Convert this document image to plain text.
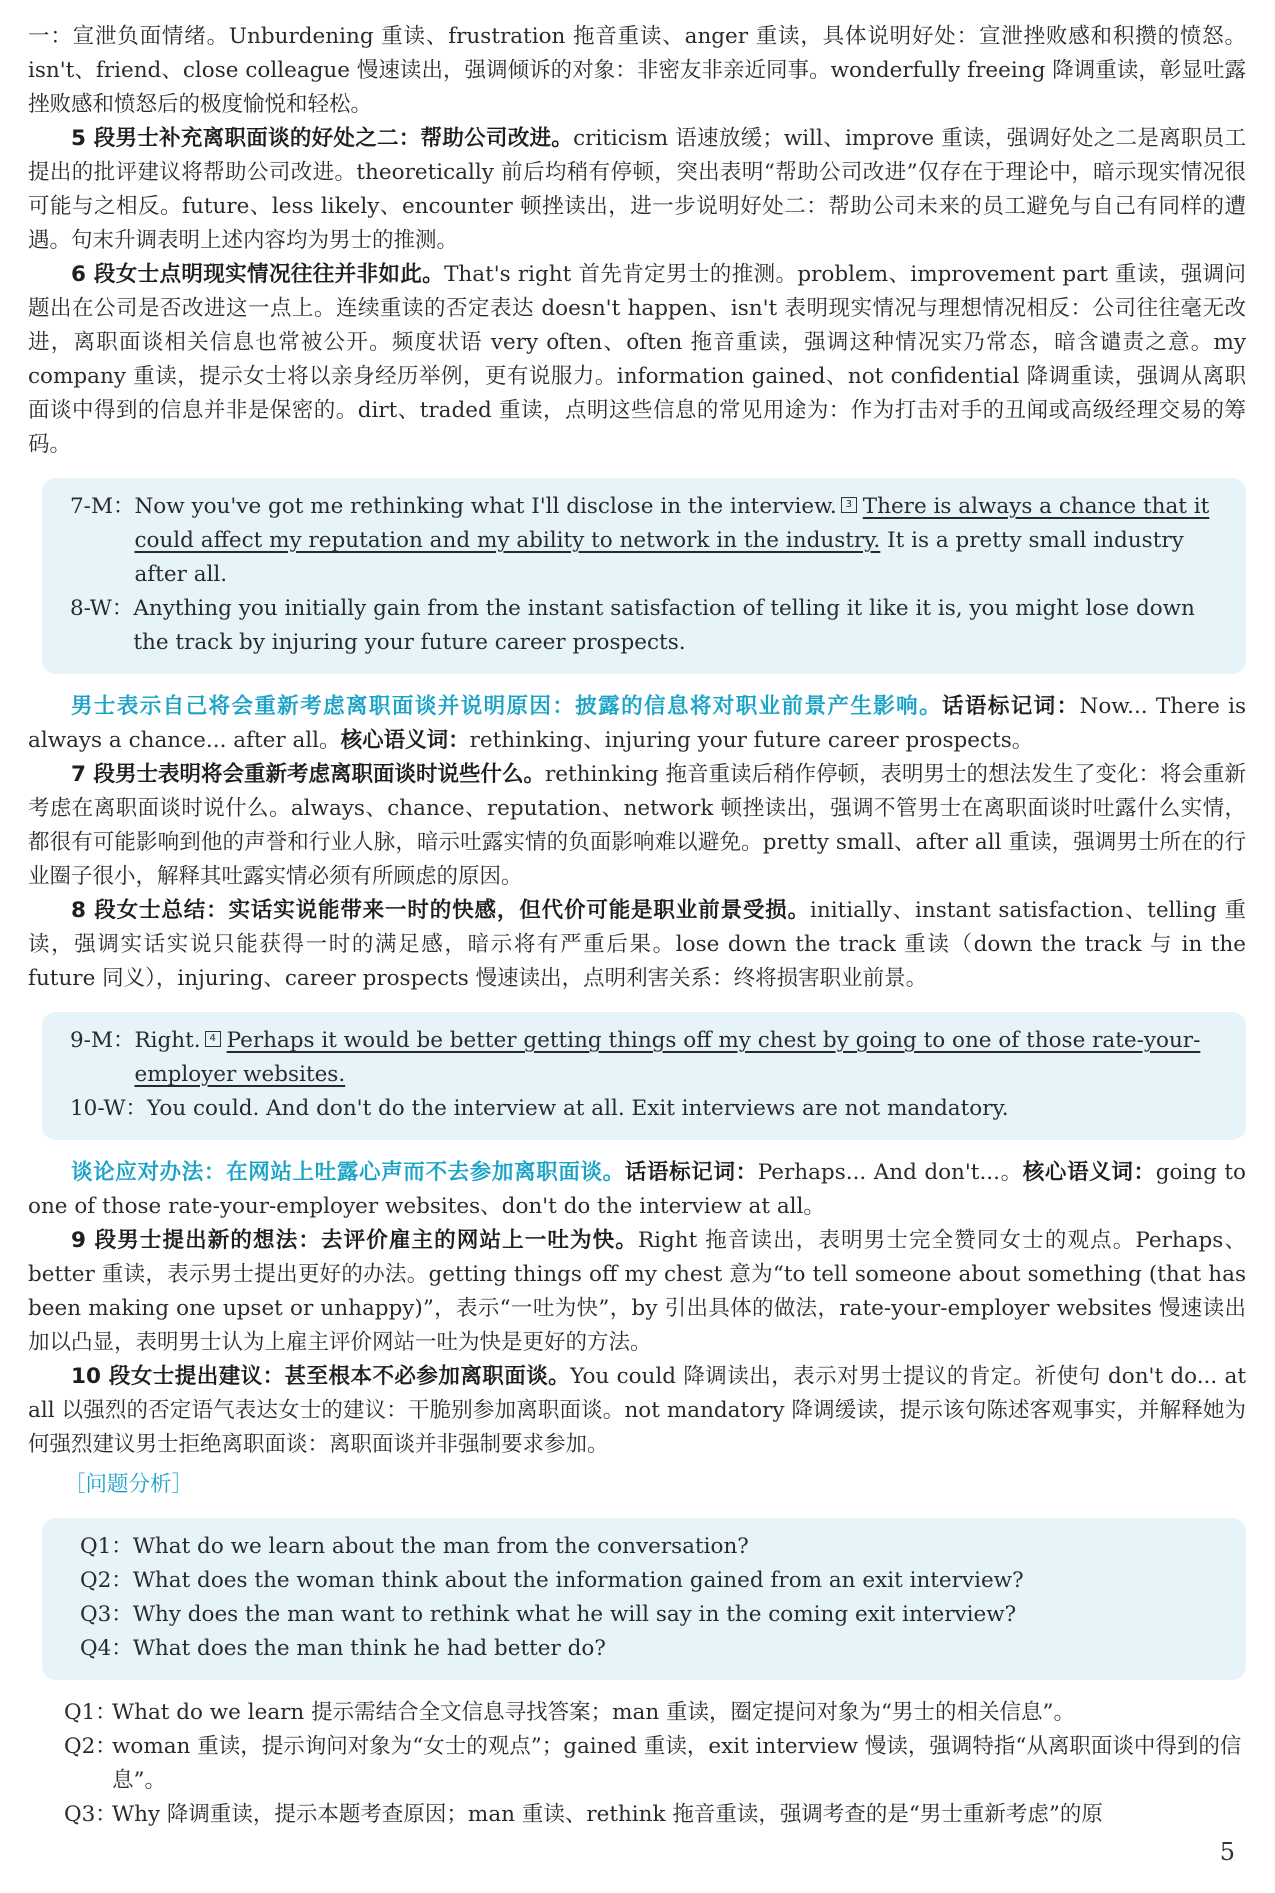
一：宣泄负面情绪。Unburdening 重读、frustration 拖音重读、anger 重读，具体说明好处：宣泄挫败感和积攒的愤怒。isn't、friend、close colleague 慢速读出，强调倾诉的对象：非密友非亲近同事。wonderfully freeing 降调重读，彰显吐露挫败感和愤怒后的极度愉悦和轻松。

5 段男士补充离职面谈的好处之二：帮助公司改进。criticism 语速放缓；will、improve 重读，强调好处之二是离职员工提出的批评建议将帮助公司改进。theoretically 前后均稍有停顿，突出表明“帮助公司改进”仅存在于理论中，暗示现实情况很可能与之相反。future、less likely、encounter 顿挫读出，进一步说明好处二：帮助公司未来的员工避免与自己有同样的遭遇。句末升调表明上述内容均为男士的推测。

6 段女士点明现实情况往往并非如此。That's right 首先肯定男士的推测。problem、improvement part 重读，强调问题出在公司是否改进这一点上。连续重读的否定表达 doesn't happen、isn't 表明现实情况与理想情况相反：公司往往毫无改进，离职面谈相关信息也常被公开。频度状语 very often、often 拖音重读，强调这种情况实乃常态，暗含谴责之意。my company 重读，提示女士将以亲身经历举例，更有说服力。information gained、not confidential 降调重读，强调从离职面谈中得到的信息并非是保密的。dirt、traded 重读，点明这些信息的常见用途为：作为打击对手的丑闻或高级经理交易的筹码。

7-M： Now you've got me rethinking what I'll disclose in the interview. 3 There is always a chance that it could affect my reputation and my ability to network in the industry. It is a pretty small industry after all.
8-W： Anything you initially gain from the instant satisfaction of telling it like it is, you might lose down the track by injuring your future career prospects.

男士表示自己将会重新考虑离职面谈并说明原因：披露的信息将对职业前景产生影响。话语标记词：Now... There is always a chance... after all。核心语义词：rethinking、injuring your future career prospects。

7 段男士表明将会重新考虑离职面谈时说些什么。rethinking 拖音重读后稍作停顿，表明男士的想法发生了变化：将会重新考虑在离职面谈时说什么。always、chance、reputation、network 顿挫读出，强调不管男士在离职面谈时吐露什么实情，都很有可能影响到他的声誉和行业人脉，暗示吐露实情的负面影响难以避免。pretty small、after all 重读，强调男士所在的行业圈子很小，解释其吐露实情必须有所顾虑的原因。

8 段女士总结：实话实说能带来一时的快感，但代价可能是职业前景受损。initially、instant satisfaction、telling 重读，强调实话实说只能获得一时的满足感，暗示将有严重后果。lose down the track 重读（down the track 与 in the future 同义），injuring、career prospects 慢速读出，点明利害关系：终将损害职业前景。

9-M： Right. 4 Perhaps it would be better getting things off my chest by going to one of those rate-your-employer websites.
10-W： You could. And don't do the interview at all. Exit interviews are not mandatory.

谈论应对办法：在网站上吐露心声而不去参加离职面谈。话语标记词：Perhaps... And don't...。核心语义词：going to one of those rate-your-employer websites、don't do the interview at all。

9 段男士提出新的想法：去评价雇主的网站上一吐为快。Right 拖音读出，表明男士完全赞同女士的观点。Perhaps、better 重读，表示男士提出更好的办法。getting things off my chest 意为“to tell someone about something (that has been making one upset or unhappy)”，表示“一吐为快”，by 引出具体的做法，rate-your-employer websites 慢速读出加以凸显，表明男士认为上雇主评价网站一吐为快是更好的方法。

10 段女士提出建议：甚至根本不必参加离职面谈。You could 降调读出，表示对男士提议的肯定。祈使句 don't do... at all 以强烈的否定语气表达女士的建议：干脆别参加离职面谈。not mandatory 降调缓读，提示该句陈述客观事实，并解释她为何强烈建议男士拒绝离职面谈：离职面谈并非强制要求参加。

［问题分析］
Q1： What do we learn about the man from the conversation?
Q2： What does the woman think about the information gained from an exit interview?
Q3： Why does the man want to rethink what he will say in the coming exit interview?
Q4： What does the man think he had better do?
Q1：
What do we learn 提示需结合全文信息寻找答案；man 重读，圈定提问对象为“男士的相关信息”。
Q2：
woman 重读，提示询问对象为“女士的观点”；gained 重读，exit interview 慢读，强调特指“从离职面谈中得到的信息”。
Q3：
Why 降调重读，提示本题考查原因；man 重读、rethink 拖音重读，强调考查的是“男士重新考虑”的原
5
